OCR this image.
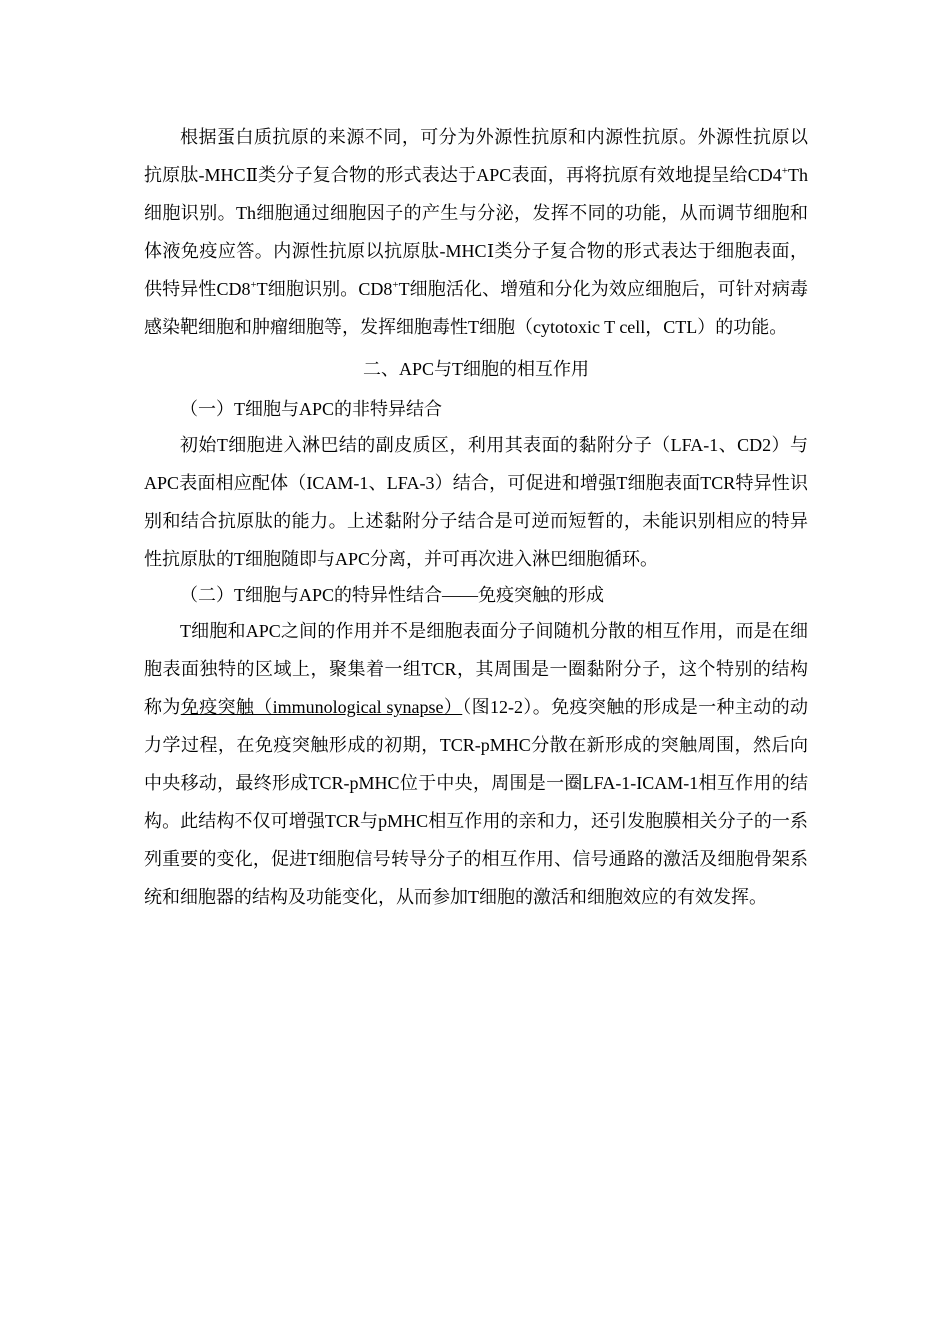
根据蛋白质抗原的来源不同，可分为外源性抗原和内源性抗原。外源性抗原以抗原肽-MHCⅡ类分子复合物的形式表达于APC表面，再将抗原有效地提呈给CD4+Th细胞识别。Th细胞通过细胞因子的产生与分泌，发挥不同的功能，从而调节细胞和体液免疫应答。内源性抗原以抗原肽-MHCⅠ类分子复合物的形式表达于细胞表面，供特异性CD8+T细胞识别。CD8+T细胞活化、增殖和分化为效应细胞后，可针对病毒感染靶细胞和肿瘤细胞等，发挥细胞毒性T细胞（cytotoxic T cell，CTL）的功能。

二、APC与T细胞的相互作用

（一）T细胞与APC的非特异结合

初始T细胞进入淋巴结的副皮质区，利用其表面的黏附分子（LFA-1、CD2）与APC表面相应配体（ICAM-1、LFA-3）结合，可促进和增强T细胞表面TCR特异性识别和结合抗原肽的能力。上述黏附分子结合是可逆而短暂的，未能识别相应的特异性抗原肽的T细胞随即与APC分离，并可再次进入淋巴细胞循环。

（二）T细胞与APC的特异性结合——免疫突触的形成

T细胞和APC之间的作用并不是细胞表面分子间随机分散的相互作用，而是在细胞表面独特的区域上，聚集着一组TCR，其周围是一圈黏附分子，这个特别的结构称为免疫突触（immunological synapse）（图12-2）。免疫突触的形成是一种主动的动力学过程，在免疫突触形成的初期，TCR-pMHC分散在新形成的突触周围，然后向中央移动，最终形成TCR-pMHC位于中央，周围是一圈LFA-1-ICAM-1相互作用的结构。此结构不仅可增强TCR与pMHC相互作用的亲和力，还引发胞膜相关分子的一系列重要的变化，促进T细胞信号转导分子的相互作用、信号通路的激活及细胞骨架系统和细胞器的结构及功能变化，从而参加T细胞的激活和细胞效应的有效发挥。
